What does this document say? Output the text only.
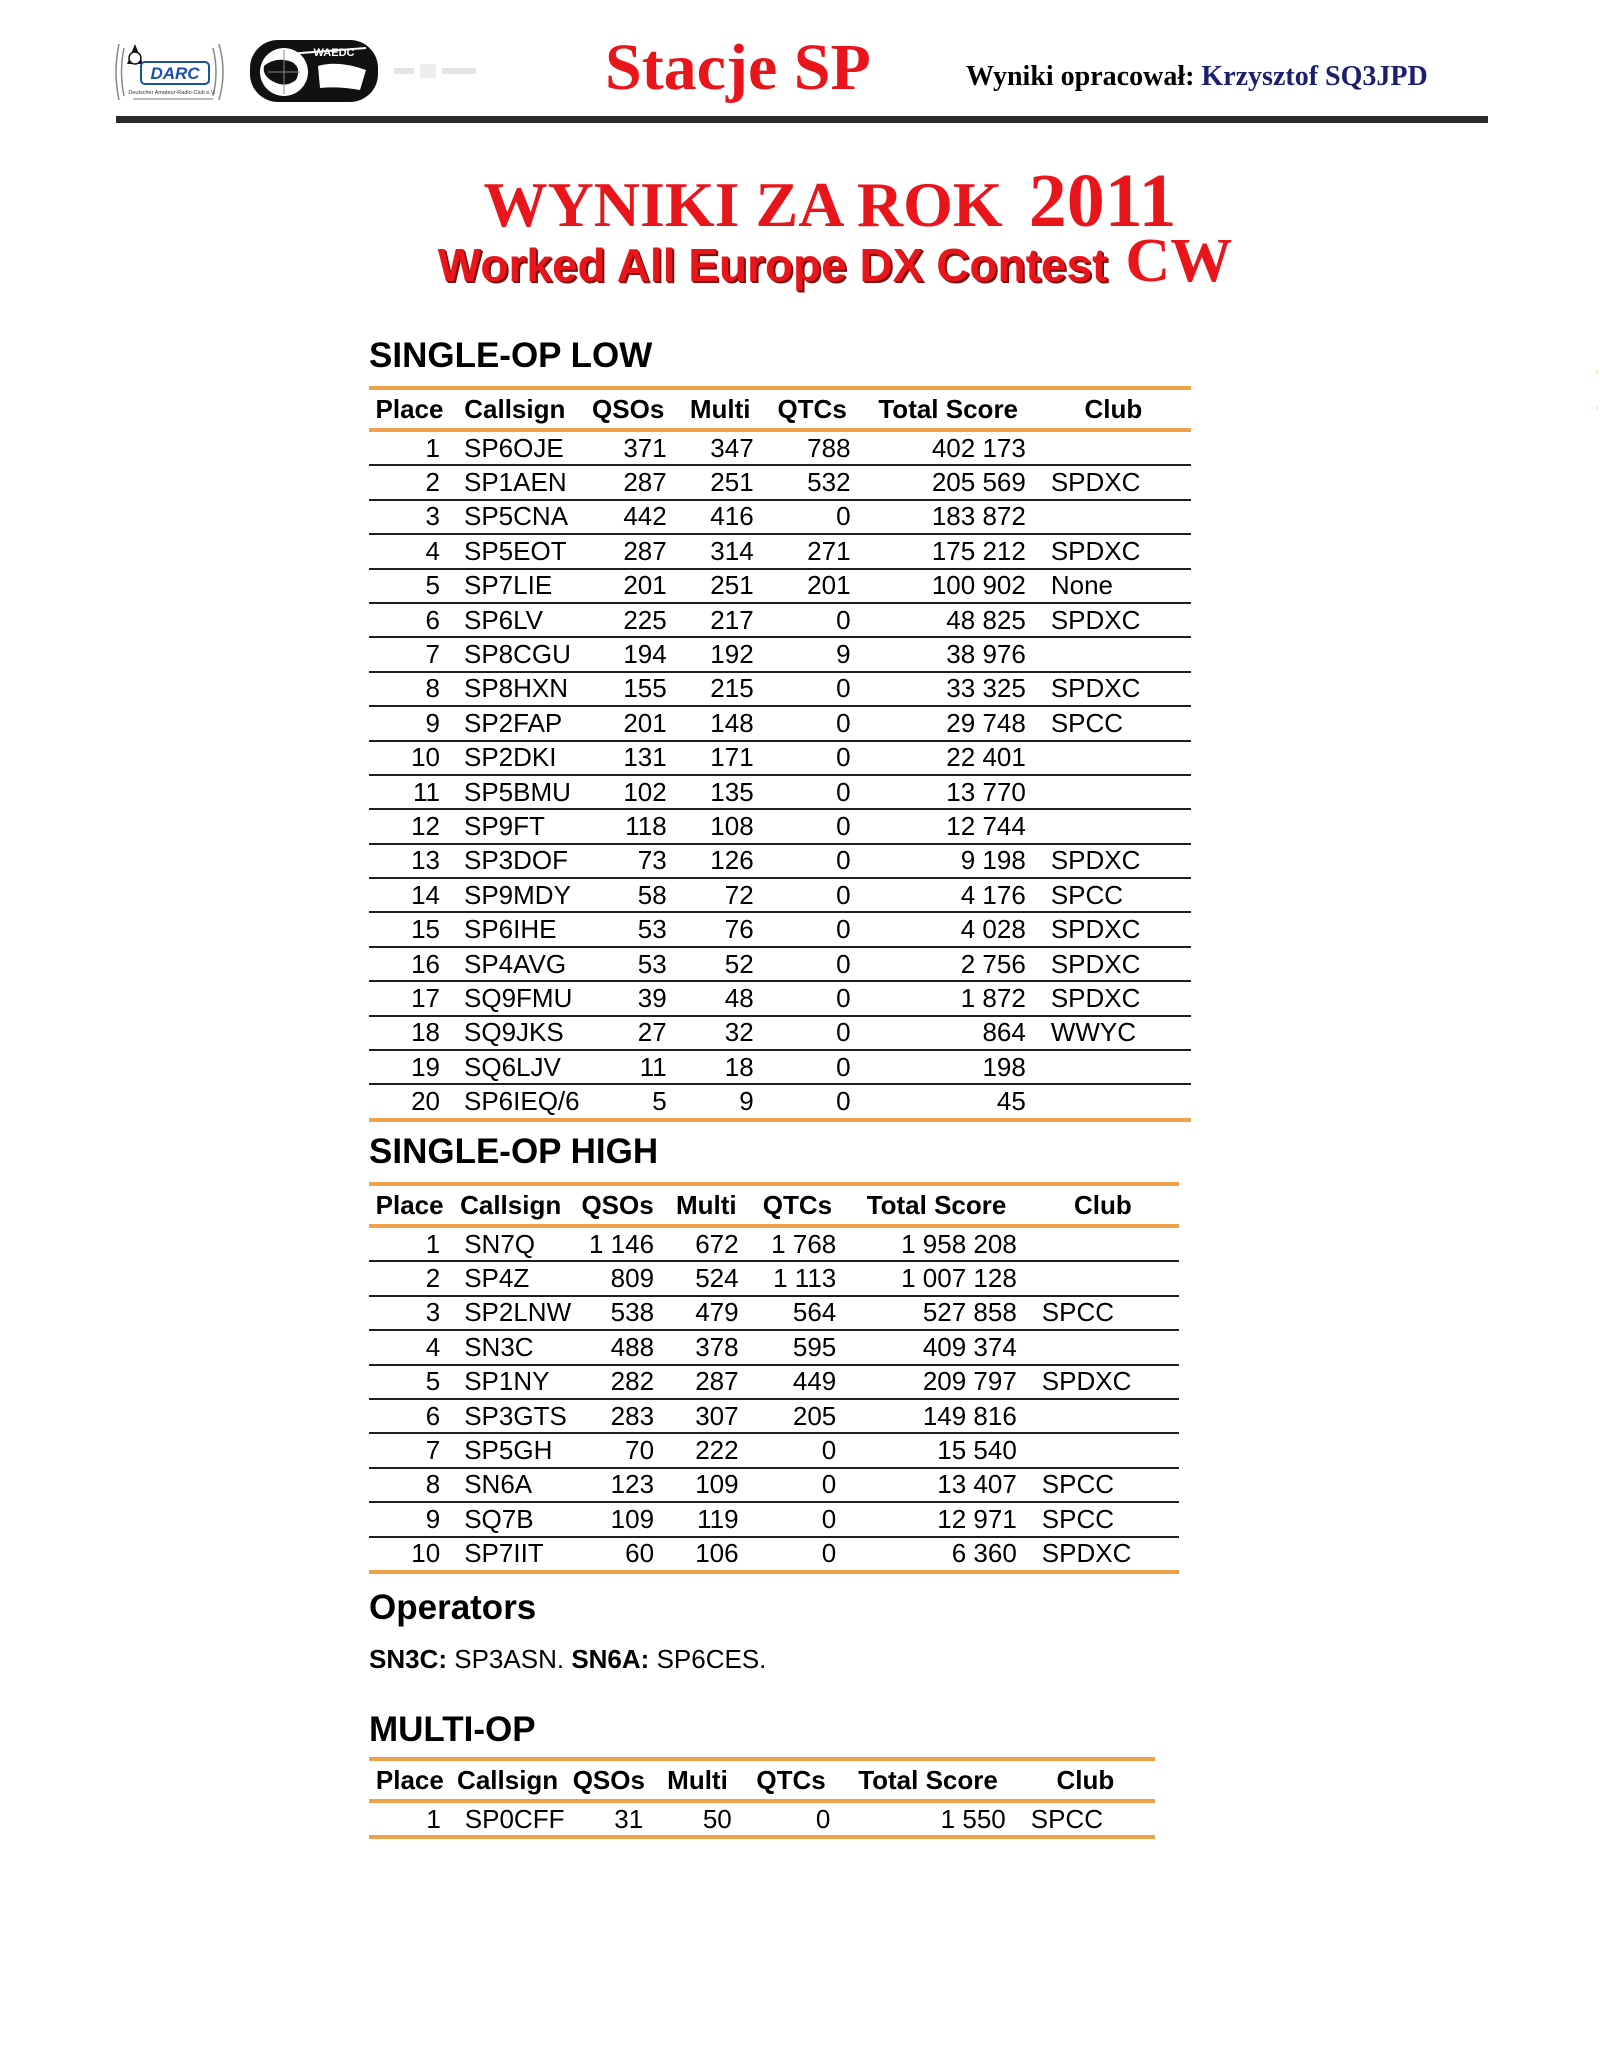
DARC
Deutscher Amateur-Radio-Club e.V.
WAEDC	Stacje SP	Wyniki opracował: Krzysztof SQ3JPD
WYNIKI ZA ROK 2011
Worked All Europe DX Contest CW
SINGLE-OP LOW
Place	Callsign	QSOs	Multi	QTCs	Total Score	Club
1	SP6OJE	371	347	788	402 173	
2	SP1AEN	287	251	532	205 569	SPDXC
3	SP5CNA	442	416	0	183 872	
4	SP5EOT	287	314	271	175 212	SPDXC
5	SP7LIE	201	251	201	100 902	None
6	SP6LV	225	217	0	48 825	SPDXC
7	SP8CGU	194	192	9	38 976	
8	SP8HXN	155	215	0	33 325	SPDXC
9	SP2FAP	201	148	0	29 748	SPCC
10	SP2DKI	131	171	0	22 401	
11	SP5BMU	102	135	0	13 770	
12	SP9FT	118	108	0	12 744	
13	SP3DOF	73	126	0	9 198	SPDXC
14	SP9MDY	58	72	0	4 176	SPCC
15	SP6IHE	53	76	0	4 028	SPDXC
16	SP4AVG	53	52	0	2 756	SPDXC
17	SQ9FMU	39	48	0	1 872	SPDXC
18	SQ9JKS	27	32	0	864	WWYC
19	SQ6LJV	11	18	0	198	
20	SP6IEQ/6	5	9	0	45	
SINGLE-OP HIGH
Place	Callsign	QSOs	Multi	QTCs	Total Score	Club
1	SN7Q	1 146	672	1 768	1 958 208	
2	SP4Z	809	524	1 113	1 007 128	
3	SP2LNW	538	479	564	527 858	SPCC
4	SN3C	488	378	595	409 374	
5	SP1NY	282	287	449	209 797	SPDXC
6	SP3GTS	283	307	205	149 816	
7	SP5GH	70	222	0	15 540	
8	SN6A	123	109	0	13 407	SPCC
9	SQ7B	109	119	0	12 971	SPCC
10	SP7IIT	60	106	0	6 360	SPDXC
Operators
SN3C: SP3ASN. SN6A: SP6CES.
MULTI-OP
Place	Callsign	QSOs	Multi	QTCs	Total Score	Club
1	SP0CFF	31	50	0	1 550	SPCC
